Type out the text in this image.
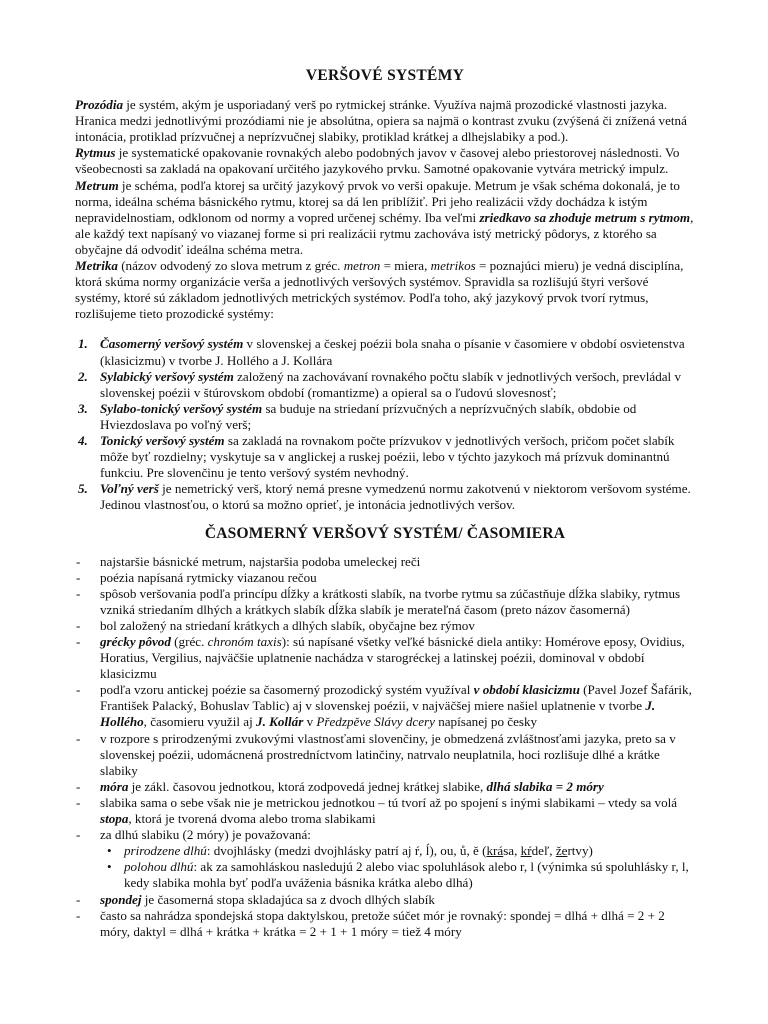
VERŠOVÉ SYSTÉMY

Prozódia je systém, akým je usporiadaný verš po rytmickej stránke. Využíva najmä prozodické vlastnosti jazyka. Hranica medzi jednotlivými prozódiami nie je absolútna, opiera sa najmä o kontrast zvuku (zvýšená či znížená vetná intonácia, protiklad prízvučnej a neprízvučnej slabiky, protiklad krátkej a dlhejslabiky a pod.).

Rytmus je systematické opakovanie rovnakých alebo podobných javov v časovej alebo priestorovej následnosti. Vo všeobecnosti sa zakladá na opakovaní určitého jazykového prvku. Samotné opakovanie vytvára metrický impulz. Metrum je schéma, podľa ktorej sa určitý jazykový prvok vo verši opakuje. Metrum je však schéma dokonalá, je to norma, ideálna schéma básnického rytmu, ktorej sa dá len priblížiť. Pri jeho realizácii vždy dochádza k istým nepravidelnostiam, odklonom od normy a vopred určenej schémy. Iba veľmi zriedkavo sa zhoduje metrum s rytmom, ale každý text napísaný vo viazanej forme si pri realizácii rytmu zachováva istý metrický pôdorys, z ktorého sa obyčajne dá odvodiť ideálna schéma metra.

Metrika (názov odvodený zo slova metrum z gréc. metron = miera, metrikos = poznajúci mieru) je vedná disciplína, ktorá skúma normy organizácie verša a jednotlivých veršových systémov. Spravidla sa rozlišujú štyri veršové systémy, ktoré sú základom jednotlivých metrických systémov. Podľa toho, aký jazykový prvok tvorí rytmus, rozlišujeme tieto prozodické systémy:

1. Časomerný veršový systém v slovenskej a českej poézii bola snaha o písanie v časomiere v období osvietenstva (klasicizmu) v tvorbe J. Hollého a J. Kollára
2. Sylabický veršový systém založený na zachovávaní rovnakého počtu slabík v jednotlivých veršoch, prevládal v slovenskej poézii v štúrovskom období (romantizme) a opieral sa o ľudovú slovesnosť;
3. Sylabo-tonický veršový systém sa buduje na striedaní prízvučných a neprízvučných slabík, obdobie od Hviezdoslava po voľný verš;
4. Tonický veršový systém sa zakladá na rovnakom počte prízvukov v jednotlivých veršoch, pričom počet slabík môže byť rozdielny; vyskytuje sa v anglickej a ruskej poézii, lebo v týchto jazykoch má prízvuk dominantnú funkciu. Pre slovenčinu je tento veršový systém nevhodný.
5. Voľný verš je nemetrický verš, ktorý nemá presne vymedzenú normu zakotvenú v niektorom veršovom systéme. Jedinou vlastnosťou, o ktorú sa možno oprieť, je intonácia jednotlivých veršov.
ČASOMERNÝ VERŠOVÝ SYSTÉM/ ČASOMIERA
- najstaršie básnické metrum, najstaršia podoba umeleckej reči
- poézia napísaná rytmicky viazanou rečou
- spôsob veršovania podľa princípu dĺžky a krátkosti slabík, na tvorbe rytmu sa zúčastňuje dĺžka slabiky, rytmus vzniká striedaním dlhých a krátkych slabík dĺžka slabík je merateľná časom (preto názov časomerná)
- bol založený na striedaní krátkych a dlhých slabík, obyčajne bez rýmov
- grécky pôvod (gréc. chronóm taxis): sú napísané všetky veľké básnické diela antiky: Homérove eposy, Ovidius, Horatius, Vergilius, najväčšie uplatnenie nachádza v starogréckej a latinskej poézii, dominoval v období klasicizmu
- podľa vzoru antickej poézie sa časomerný prozodický systém využíval v období klasicizmu (Pavel Jozef Šafárik, František Palacký, Bohuslav Tablic) aj v slovenskej poézii, v najväčšej miere našiel uplatnenie v tvorbe J. Hollého, časomieru využil aj J. Kollár v Předzpěve Slávy dcery napísanej po česky
- v rozpore s prirodzenými zvukovými vlastnosťami slovenčiny, je obmedzená zvláštnosťami jazyka, preto sa v slovenskej poézii, udomácnená prostredníctvom latinčiny, natrvalo neuplatnila, hoci rozlišuje dlhé a krátke slabiky
- móra je zákl. časovou jednotkou, ktorá zodpovedá jednej krátkej slabike, dlhá slabika = 2 móry
- slabika sama o sebe však nie je metrickou jednotkou – tú tvorí až po spojení s inými slabikami – vtedy sa volá stopa, ktorá je tvorená dvoma alebo troma slabikami
- za dlhú slabiku (2 móry) je považovaná:
• prirodzene dlhú: dvojhlásky (medzi dvojhlásky patrí aj ŕ, ĺ), ou, ů, ě (krása, kŕdeľ, žertvy)
• polohou dlhú: ak za samohláskou nasledujú 2 alebo viac spoluhlások alebo r, l (výnimka sú spoluhlásky r, l, kedy slabika mohla byť podľa uváženia básnika krátka alebo dlhá)
- spondej je časomerná stopa skladajúca sa z dvoch dlhých slabík
- často sa nahrádza spondejská stopa daktylskou, pretože súčet mór je rovnaký: spondej = dlhá + dlhá = 2 + 2 móry, daktyl = dlhá + krátka + krátka = 2 + 1 + 1 móry = tiež 4 móry
